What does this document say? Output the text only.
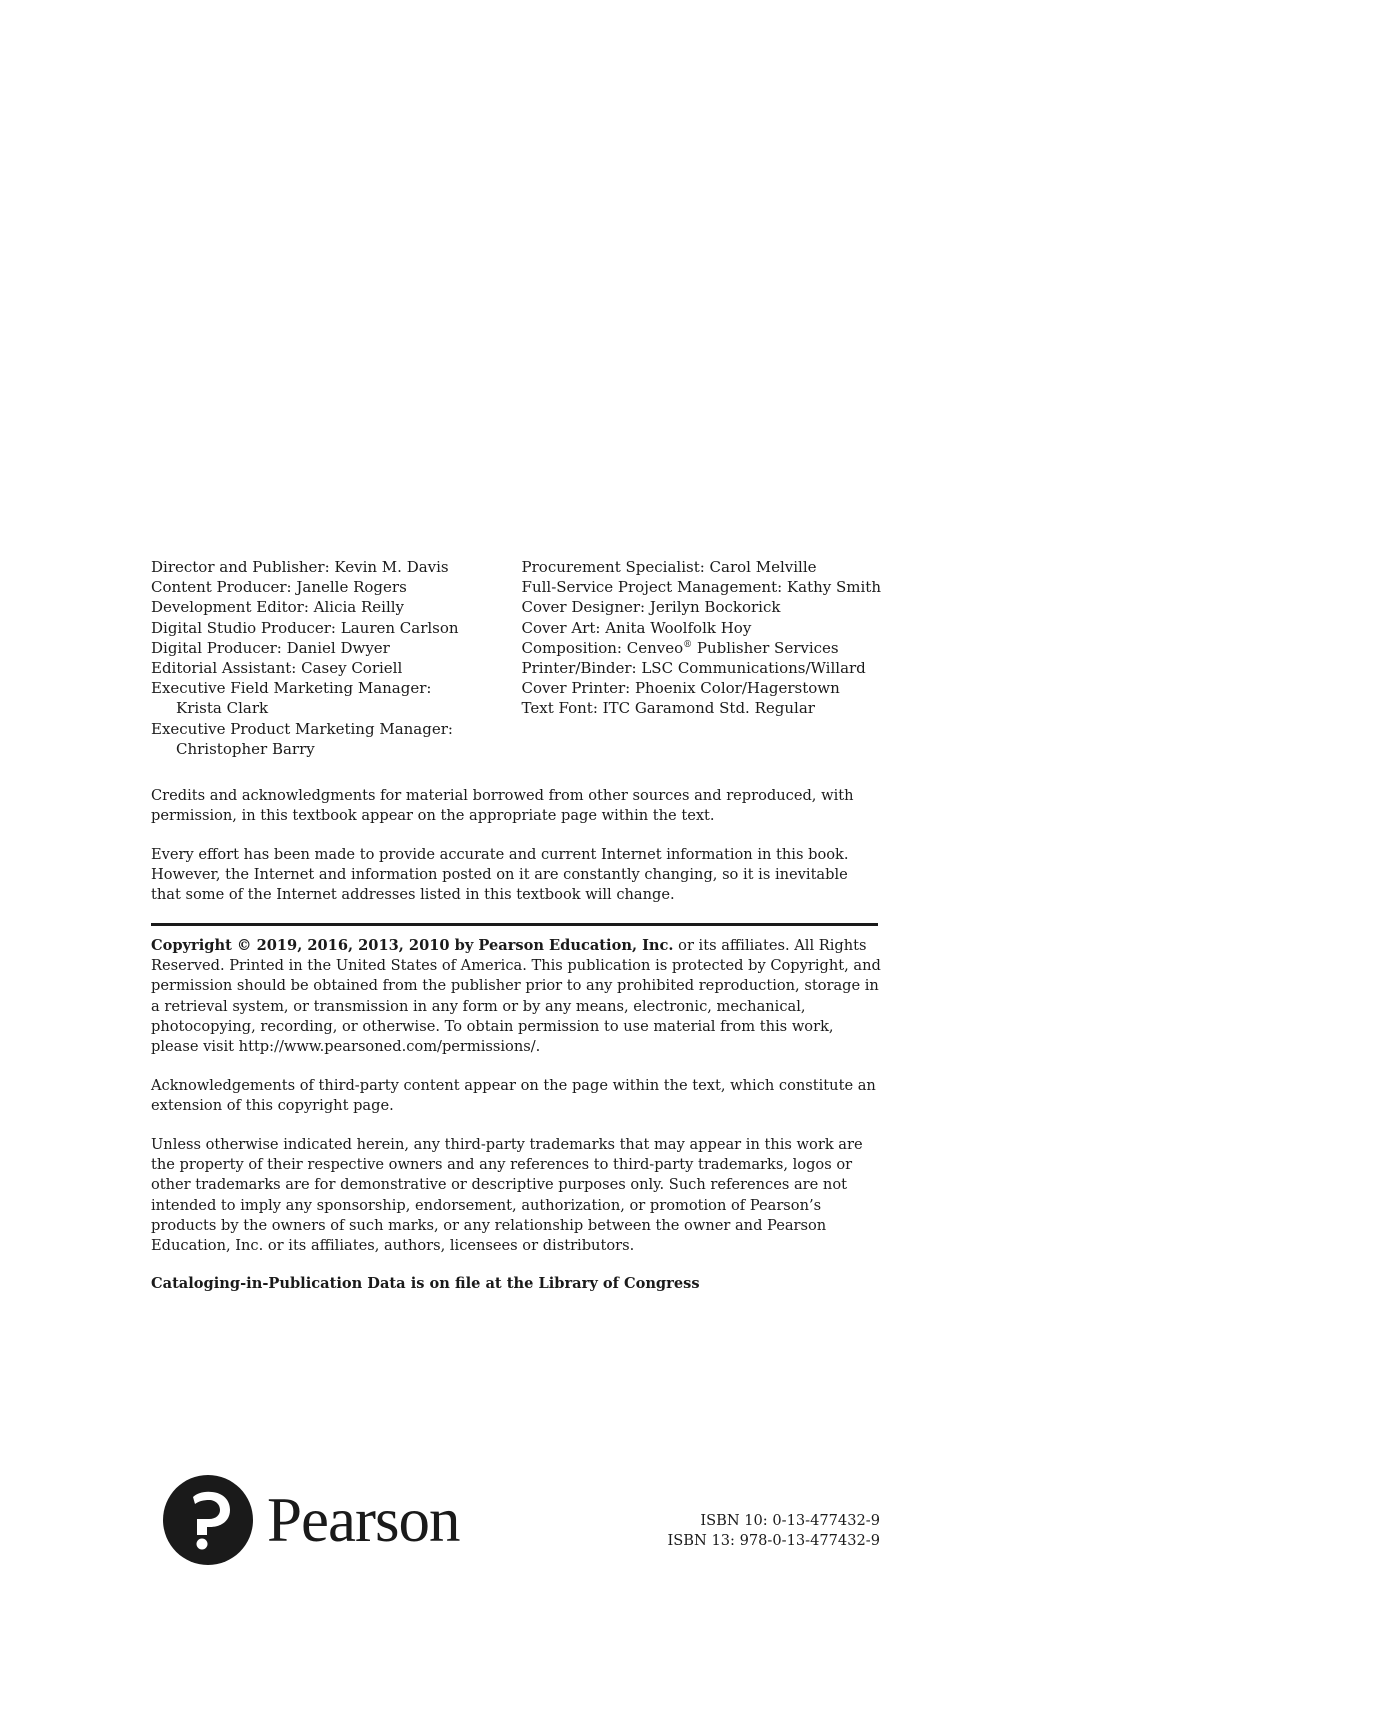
Director and Publisher: Kevin M. Davis
Content Producer: Janelle Rogers
Development Editor: Alicia Reilly
Digital Studio Producer: Lauren Carlson
Digital Producer: Daniel Dwyer
Editorial Assistant: Casey Coriell
Executive Field Marketing Manager:
Krista Clark
Executive Product Marketing Manager:
Christopher Barry
Procurement Specialist: Carol Melville
Full-Service Project Management: Kathy Smith
Cover Designer: Jerilyn Bockorick
Cover Art: Anita Woolfolk Hoy
Composition: Cenveo® Publisher Services
Printer/Binder: LSC Communications/Willard
Cover Printer: Phoenix Color/Hagerstown
Text Font: ITC Garamond Std. Regular

Credits and acknowledgments for material borrowed from other sources and reproduced, with permission, in this textbook appear on the appropriate page within the text.

Every effort has been made to provide accurate and current Internet information in this book. However, the Internet and information posted on it are constantly changing, so it is inevitable that some of the Internet addresses listed in this textbook will change.

Copyright © 2019, 2016, 2013, 2010 by Pearson Education, Inc. or its affiliates. All Rights Reserved. Printed in the United States of America. This publication is protected by Copyright, and permission should be obtained from the publisher prior to any prohibited reproduction, storage in a retrieval system, or transmission in any form or by any means, electronic, mechanical, photocopying, recording, or otherwise. To obtain permission to use material from this work, please visit http://www.pearsoned.com/permissions/.

Acknowledgements of third-party content appear on the page within the text, which constitute an extension of this copyright page.

Unless otherwise indicated herein, any third-party trademarks that may appear in this work are the property of their respective owners and any references to third-party trademarks, logos or other trademarks are for demonstrative or descriptive purposes only. Such references are not intended to imply any sponsorship, endorsement, authorization, or promotion of Pearson’s products by the owners of such marks, or any relationship between the owner and Pearson Education, Inc. or its affiliates, authors, licensees or distributors.

Cataloging-in-Publication Data is on file at the Library of Congress

Pearson	ISBN 10: 0-13-477432-9
ISBN 13: 978-0-13-477432-9
